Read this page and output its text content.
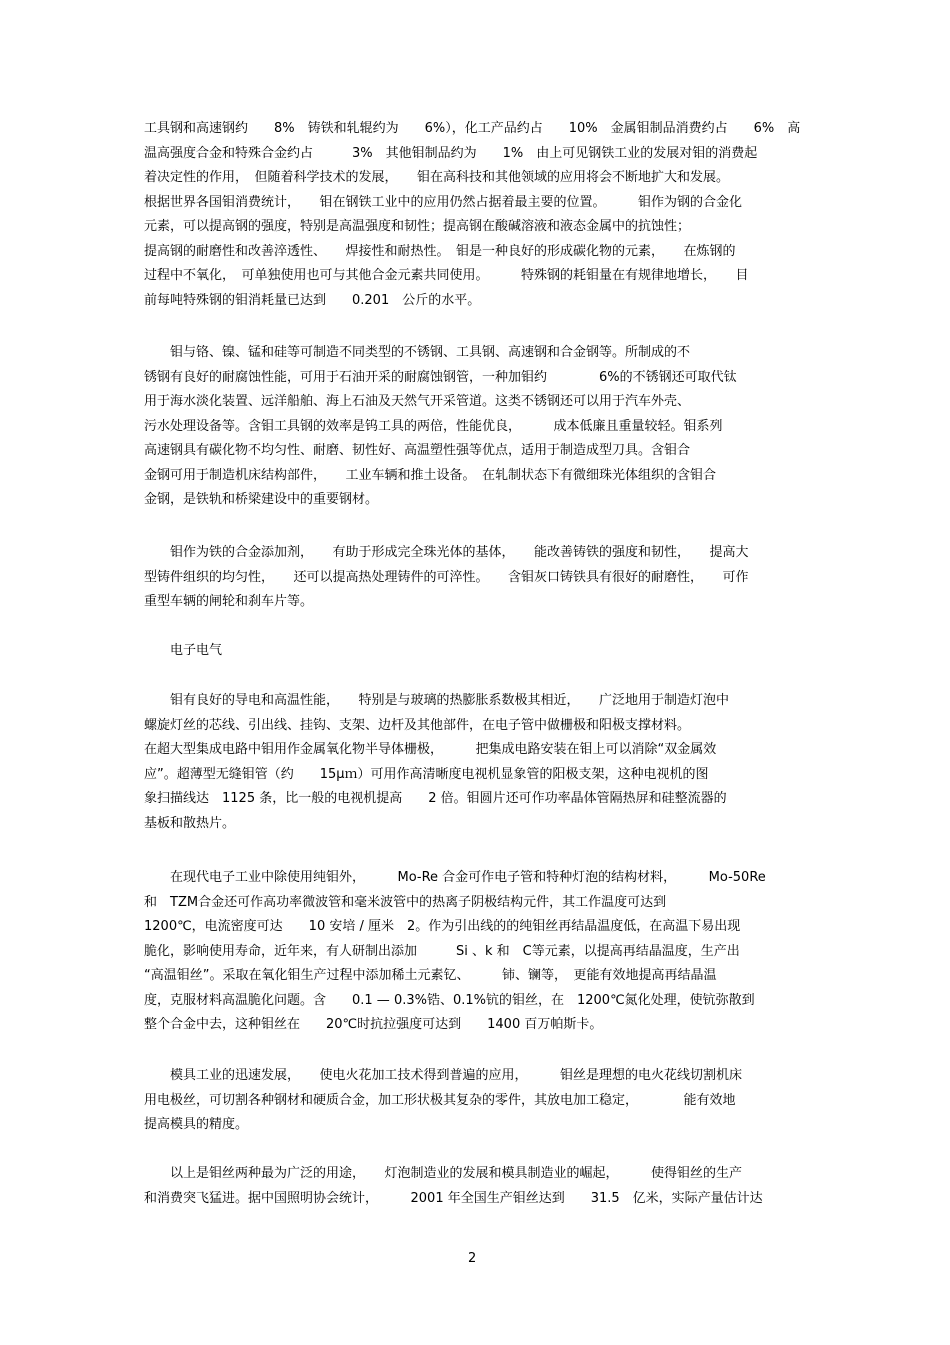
工具钢和高速钢约　　8%　铸铁和轧辊约为　　6%），化工产品约占　　10%　金属钼制品消费约占　　6%　高
温高强度合金和特殊合金约占　　　3%　其他钼制品约为　　1%　由上可见钢铁工业的发展对钼的消费起
着决定性的作用，　但随着科学技术的发展，　　钼在高科技和其他领域的应用将会不断地扩大和发展。
根据世界各国钼消费统计，　　钼在钢铁工业中的应用仍然占据着最主要的位置。　　　钼作为钢的合金化
元素，可以提高钢的强度，特别是高温强度和韧性；提高钢在酸碱溶液和液态金属中的抗蚀性；
提高钢的耐磨性和改善淬透性、　　焊接性和耐热性。　钼是一种良好的形成碳化物的元素，　　在炼钢的
过程中不氧化，　可单独使用也可与其他合金元素共同使用。　　　特殊钢的耗钼量在有规律地增长，　　目
前每吨特殊钢的钼消耗量已达到　　0.201　公斤的水平。
　　钼与铬、镍、锰和硅等可制造不同类型的不锈钢、工具钢、高速钢和合金钢等。所制成的不
锈钢有良好的耐腐蚀性能，可用于石油开采的耐腐蚀钢管，一种加钼约　　　　6%的不锈钢还可取代钛
用于海水淡化装置、远洋船舶、海上石油及天然气开采管道。这类不锈钢还可以用于汽车外壳、
污水处理设备等。含钼工具钢的效率是钨工具的两倍，性能优良，　　　成本低廉且重量较轻。钼系列
高速钢具有碳化物不均匀性、耐磨、韧性好、高温塑性强等优点，适用于制造成型刀具。含钼合
金钢可用于制造机床结构部件，　　工业车辆和推土设备。　在轧制状态下有微细珠光体组织的含钼合
金钢，是铁轨和桥梁建设中的重要钢材。
　　钼作为铁的合金添加剂，　　有助于形成完全珠光体的基体，　　能改善铸铁的强度和韧性，　　提高大
型铸件组织的均匀性，　　还可以提高热处理铸件的可淬性。　　含钼灰口铸铁具有很好的耐磨性，　　可作
重型车辆的闸轮和刹车片等。
　　电子电气
　　钼有良好的导电和高温性能，　　特别是与玻璃的热膨胀系数极其相近，　　广泛地用于制造灯泡中
螺旋灯丝的芯线、引出线、挂钩、支架、边杆及其他部件，在电子管中做栅极和阳极支撑材料。
在超大型集成电路中钼用作金属氧化物半导体栅极，　　　把集成电路安装在钼上可以消除“双金属效
应”。超薄型无缝钼管（约　　15μｍ）可用作高清晰度电视机显象管的阳极支架，这种电视机的图
象扫描线达　1125 条，比一般的电视机提高　　2 倍。钼圆片还可作功率晶体管隔热屏和硅整流器的
基板和散热片。
　　在现代电子工业中除使用纯钼外，　　　Mo-Re 合金可作电子管和特种灯泡的结构材料，　　　Mo-50Re
和　TZM合金还可作高功率微波管和毫米波管中的热离子阴极结构元件，其工作温度可达到
1200℃，电流密度可达　　10 安培 / 厘米　2。作为引出线的的纯钼丝再结晶温度低，在高温下易出现
脆化，影响使用寿命，近年来，有人研制出添加　　　Si 、k 和　C等元素，以提高再结晶温度，生产出
“高温钼丝”。采取在氧化钼生产过程中添加稀土元素钇、　　　铈、镧等，　更能有效地提高再结晶温
度，克服材料高温脆化问题。含　　0.1 — 0.3%锆、0.1%钪的钼丝，在　1200℃氮化处理，使钪弥散到
整个合金中去，这种钼丝在　　20℃时抗拉强度可达到　　1400 百万帕斯卡。
　　模具工业的迅速发展，　　使电火花加工技术得到普遍的应用，　　　钼丝是理想的电火花线切割机床
用电极丝，可切割各种钢材和硬质合金，加工形状极其复杂的零件，其放电加工稳定，　　　　能有效地
提高模具的精度。
　　以上是钼丝两种最为广泛的用途，　　灯泡制造业的发展和模具制造业的崛起，　　　使得钼丝的生产
和消费突飞猛进。据中国照明协会统计，　　　2001 年全国生产钼丝达到　　31.5　亿米，实际产量估计达
2
